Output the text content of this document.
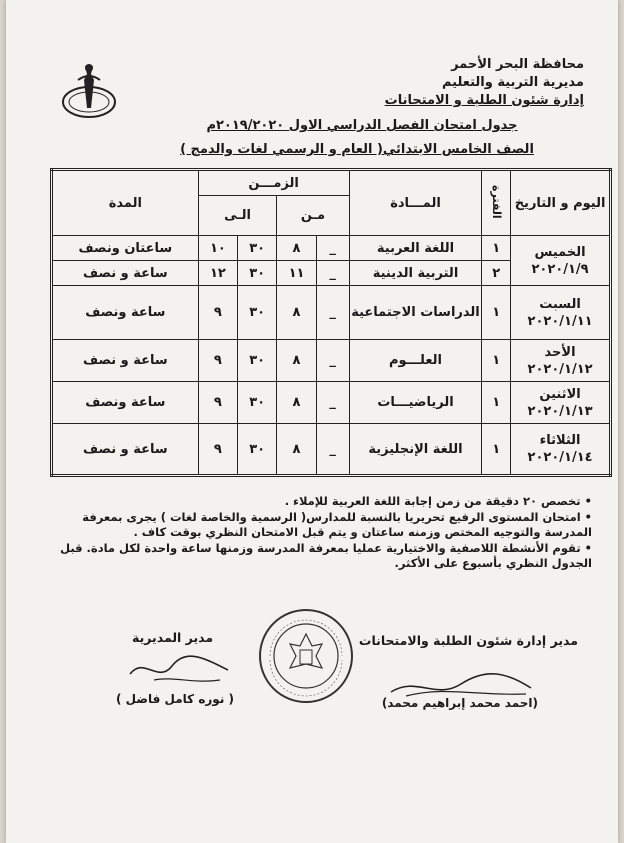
محافظة البحر الأحمر
مديرية التربية والتعليم
إدارة شئون الطلبة و الامتحانات
جدول امتحان الفصل الدراسي الاول ٢٠١٩/٢٠٢٠م
الصف الخامس الابتدائي( العام و الرسمي لغات والدمج )
اليوم و التاريخ	الفترة	المـــادة	الزمـــن				المدة
			مـن		الـى		

الخميس
٢٠٢٠/١/٩	١	اللغة العربية	_	٨	٣٠	١٠	ساعتان ونصف
	٢	التربية الدينية	_	١١	٣٠	١٢	ساعة و نصف

السبت
٢٠٢٠/١/١١	١	الدراسات الاجتماعية	_	٨	٣٠	٩	ساعة ونصف

الأحد
٢٠٢٠/١/١٢	١	العلـــوم	_	٨	٣٠	٩	ساعة و نصف

الاثنين
٢٠٢٠/١/١٣	١	الرياضيـــات	_	٨	٣٠	٩	ساعة ونصف

الثلاثاء
٢٠٢٠/١/١٤	١	اللغة الإنجليزية	_	٨	٣٠	٩	ساعة و نصف

• تخصص ٢٠ دقيقة من زمن إجابة اللغة العربية للإملاء .

• امتحان المستوى الرفيع تحريريا بالنسبة للمدارس( الرسمية والخاصة لغات ) يجرى بمعرفة المدرسة والتوجيه المختص وزمنه ساعتان و يتم قبل الامتحان النظري بوقت كاف .

• تقوم الأنشطة اللاصفية والاختيارية عمليا بمعرفة المدرسة وزمنها ساعة واحدة لكل مادة. قبل الجدول النظري بأسبوع على الأكثر.

مدير إدارة شئون الطلبة والامتحانات
مدير المديرية
(احمد محمد إبراهيم محمد)
( نوره كامل فاضل )
